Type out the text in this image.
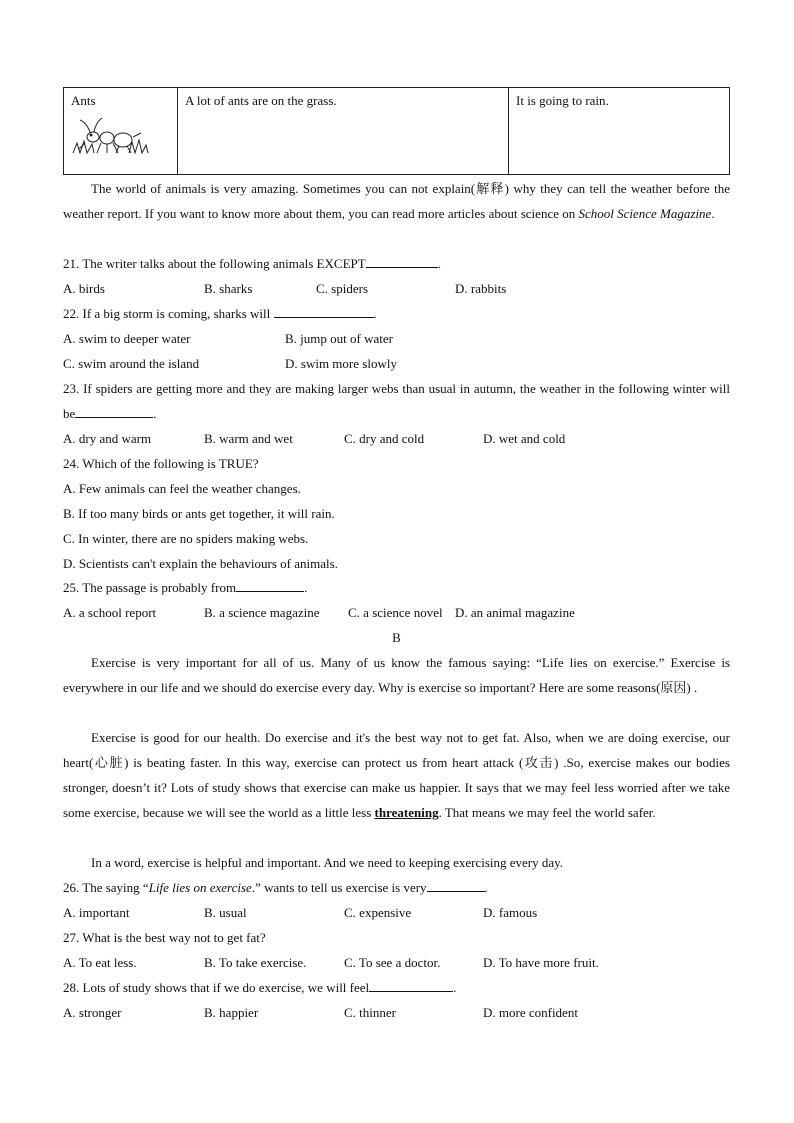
Ants	A lot of ants are on the grass.	It is going to rain.
The world of animals is very amazing. Sometimes you can not explain(解释) why they can tell the weather before the weather report. If you want to know more about them, you can read more articles about science on School Science Magazine.
21. The writer talks about the following animals EXCEPT	.
A. birds	B. sharks	C. spiders	D. rabbits
22. If a big storm is coming, sharks will	.
A. swim to deeper water	B. jump out of water
C. swim around the island	D. swim more slowly
23. If spiders are getting more and they are making larger webs than usual in autumn, the weather in the following winter will be	.
A. dry and warm	B. warm and wet	C. dry and cold	D. wet and cold
24. Which of the following is TRUE?
A. Few animals can feel the weather changes.
B. If too many birds or ants get together, it will rain.
C. In winter, there are no spiders making webs.
D. Scientists can't explain the behaviours of animals.
25. The passage is probably from	.
A. a school report	B. a science magazine C. a science novel D. an animal magazine
B
Exercise is very important for all of us. Many of us know the famous saying: “Life lies on exercise.” Exercise is everywhere in our life and we should do exercise every day. Why is exercise so important? Here are some reasons(原因) .
Exercise is good for our health. Do exercise and it's the best way not to get fat. Also, when we are doing exercise, our heart(心脏) is beating faster. In this way, exercise can protect us from heart attack (攻击) .So, exercise makes our bodies stronger, doesn’t it? Lots of study shows that exercise can make us happier. It says that we may feel less worried after we take some exercise, because we will see the world as a little less threatening. That means we may feel the world safer.
In a word, exercise is helpful and important. And we need to keeping exercising every day.
26. The saying “Life lies on exercise.” wants to tell us exercise is very	.
A. important	B. usual	C. expensive	D. famous
27. What is the best way not to get fat?
A. To eat less.	B. To take exercise.	C. To see a doctor.	D. To have more fruit.
28. Lots of study shows that if we do exercise, we will feel	.
A. stronger	B. happier	C. thinner	D. more confident
